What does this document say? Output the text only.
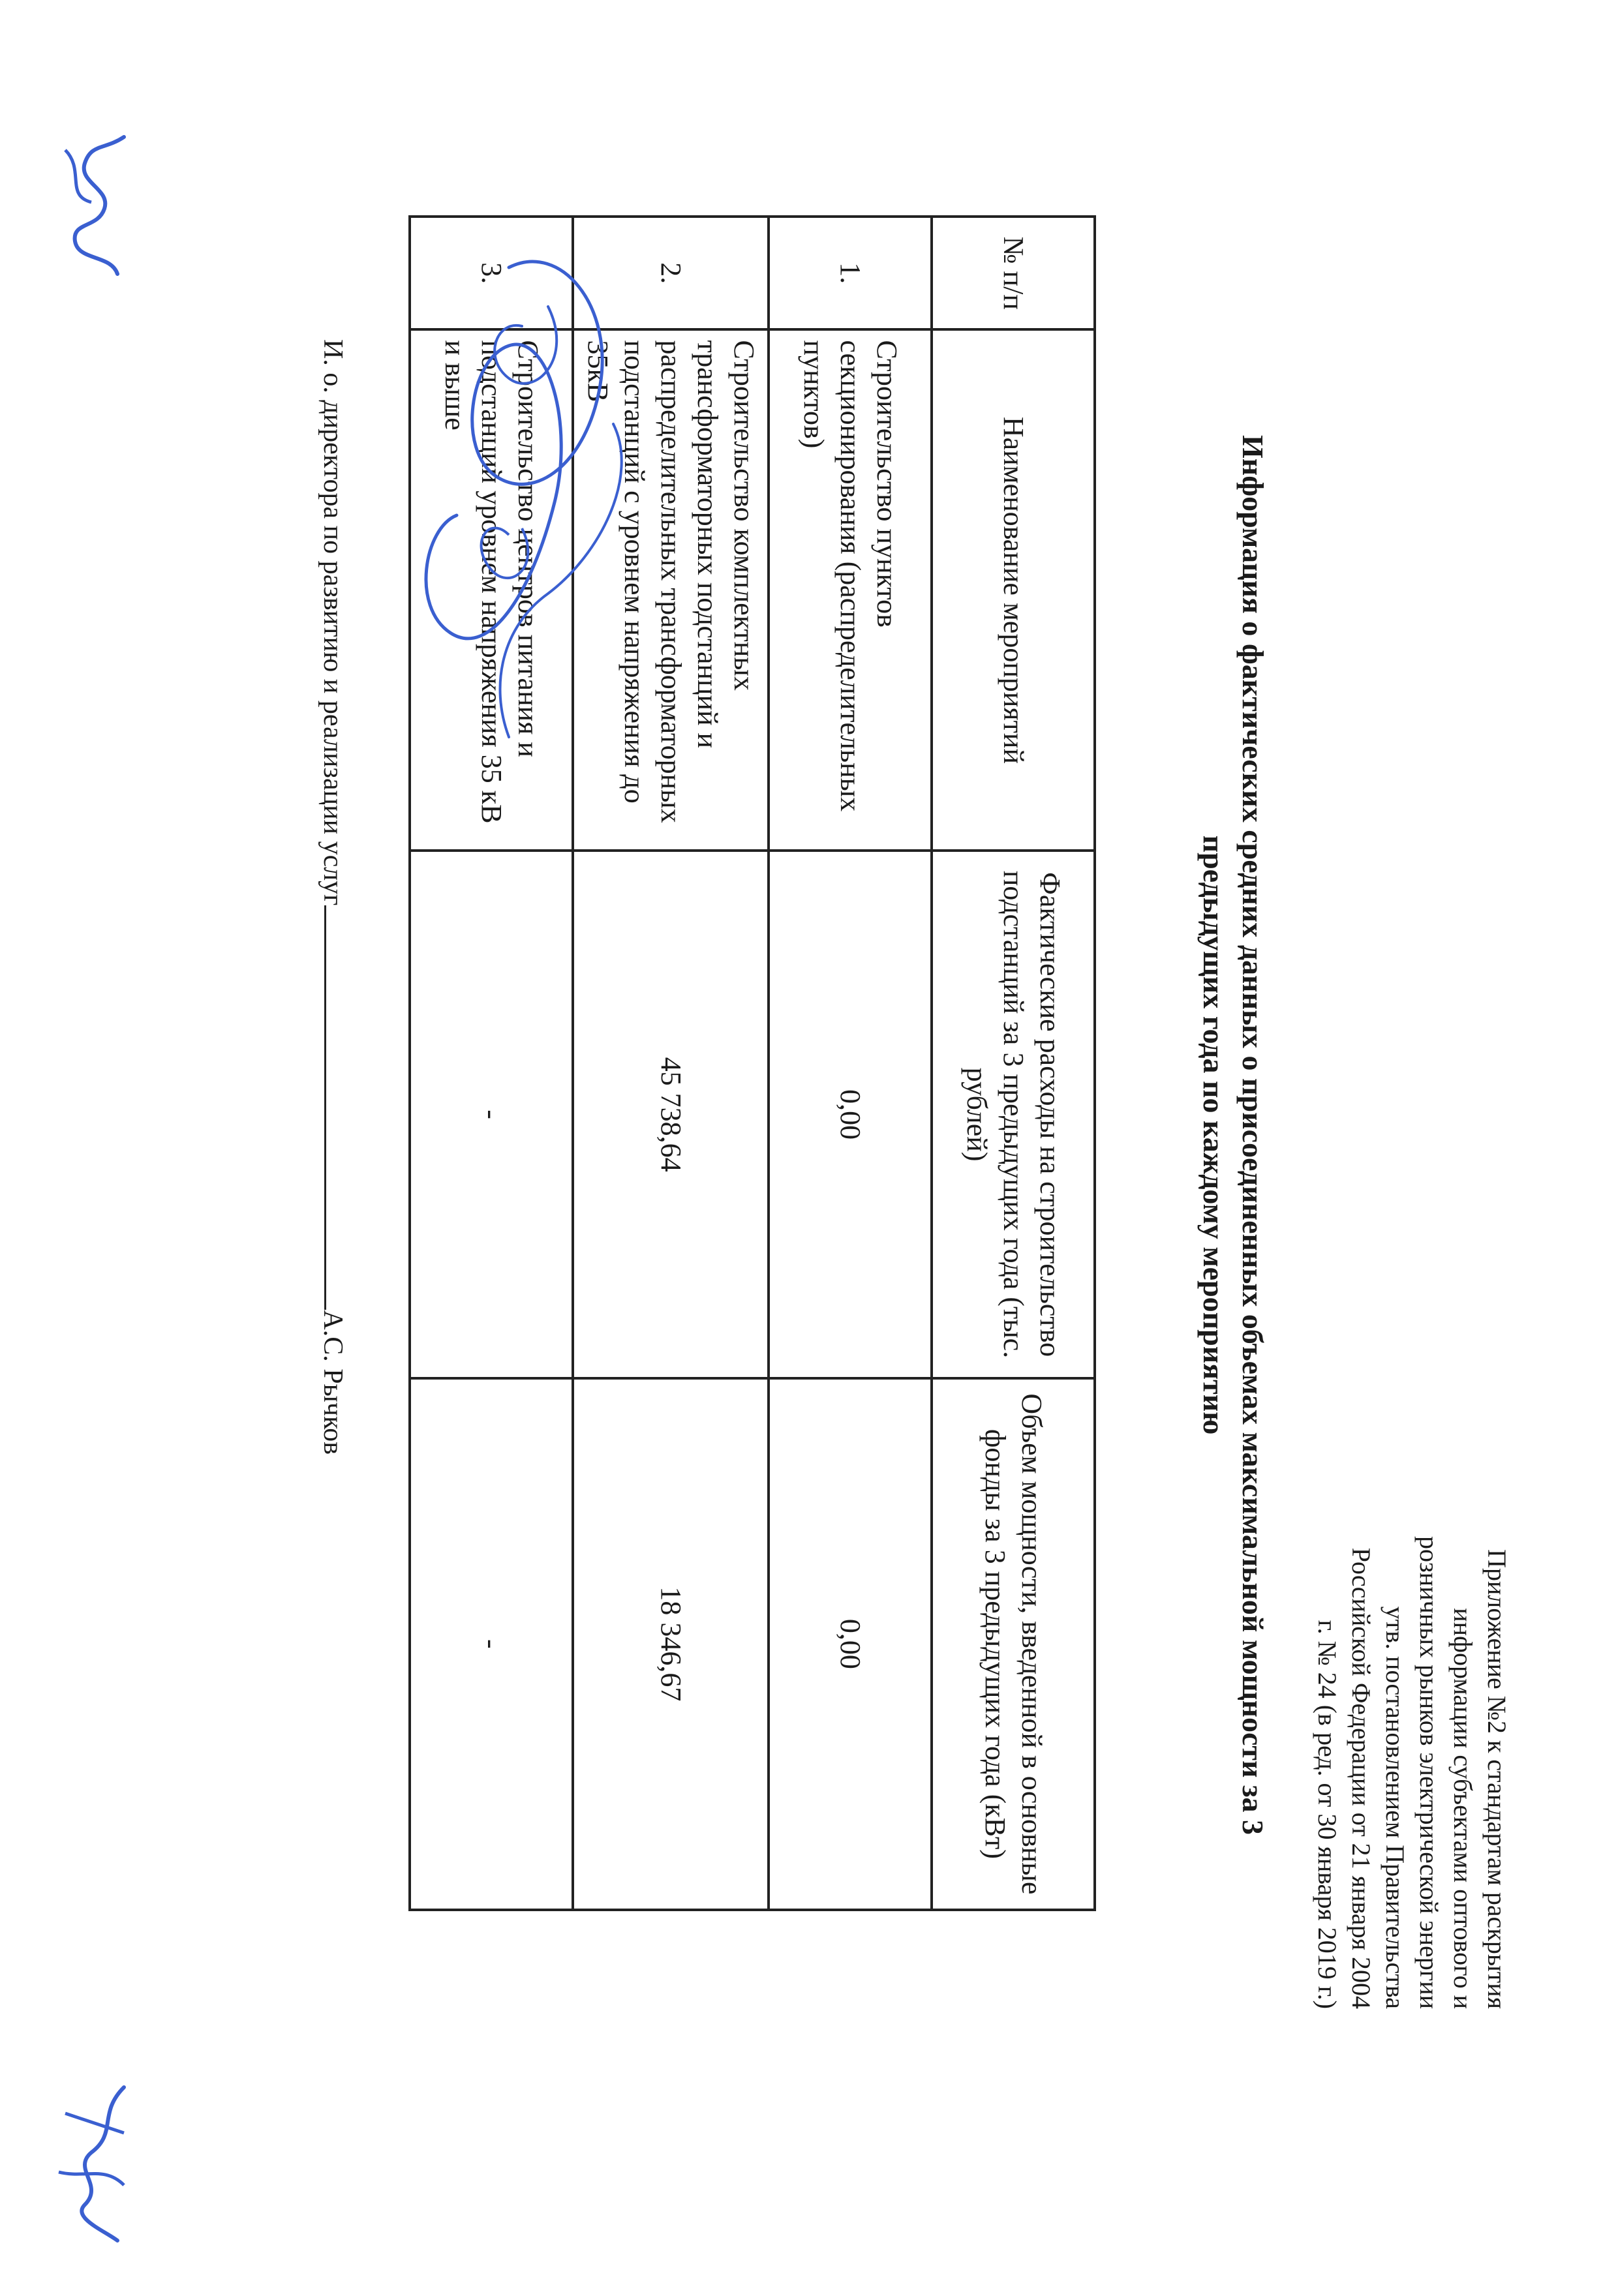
Приложение №2 к стандартам раскрытия
информации субъектами оптового и
розничных рынков электрической энергии
утв. постановлением Правительства
Российской Федерации от 21 января 2004
г. № 24 (в ред. от 30 января 2019 г.)
Информация о фактических средних данных о присоединенных объемах максимальной мощности за 3
предыдущих года по каждому мероприятию
№ п/п	Наименование мероприятий	Фактические расходы на строительство подстанций за 3 предыдущих года (тыс. рублей)	Объем мощности, введенной в основные фонды за 3 предыдущих года (кВт)
1.	Строительство пунктов секционирования (распределительных пунктов)	0,00	0,00
2.	Строительство комплектных трансформаторных подстанций и распределительных трансформаторных подстанций с уровнем напряжения до 35кВ	45 738,64	18 346,67
3.	Строительство центров питания и подстанций уровнем напряжения 35 кВ и выше	-	-
И. о. директора по развитию и реализации услугА.С. Рычков
